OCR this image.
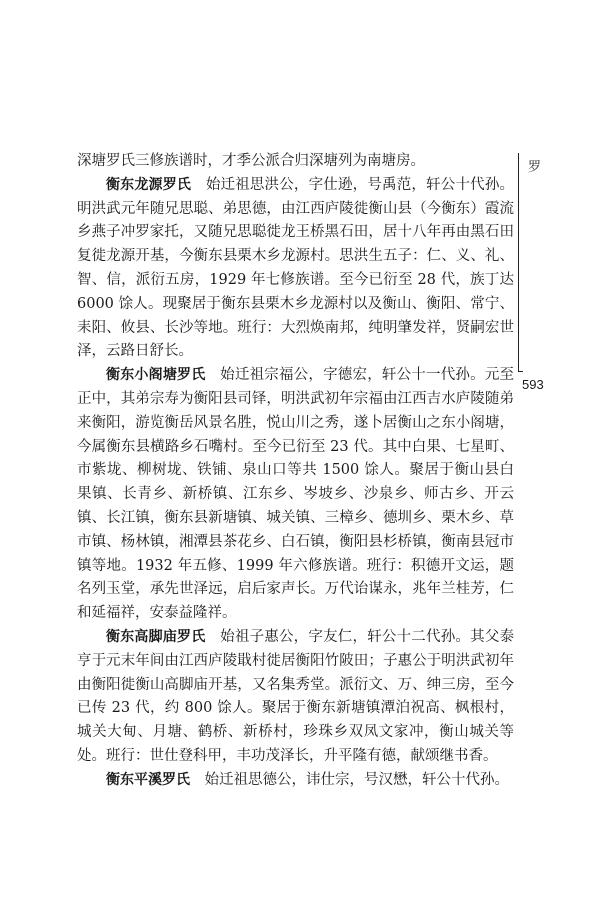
罗
593

深塘罗氏三修族谱时，才季公派合归深塘列为南塘房。

衡东龙源罗氏　 始迁祖思洪公，字仕逊，号禹范，轩公十代孙。明洪武元年随兄思聪、弟思德，由江西庐陵徙衡山县（今衡东）霞流乡燕子冲罗家托，又随兄思聪徙龙王桥黑石田，居十八年再由黑石田复徙龙源开基，今衡东县栗木乡龙源村。思洪生五子：仁、义、礼、智、信，派衍五房，1929 年七修族谱。至今已衍至 28 代，族丁达 6000 馀人。现聚居于衡东县栗木乡龙源村以及衡山、衡阳、常宁、耒阳、攸县、长沙等地。班行：大烈焕南邦，纯明肇发祥，贤嗣宏世泽，云路日舒长。

衡东小阁塘罗氏　 始迁祖宗福公，字德宏，轩公十一代孙。元至正中，其弟宗寿为衡阳县司铎，明洪武初年宗福由江西吉水庐陵随弟来衡阳，游览衡岳风景名胜，悦山川之秀，遂卜居衡山之东小阁塘，今属衡东县横路乡石嘴村。至今已衍至 23 代。其中白果、七星町、市紫垅、柳树垅、铁铺、泉山口等共 1500 馀人。聚居于衡山县白果镇、长青乡、新桥镇、江东乡、岑坡乡、沙泉乡、师古乡、开云镇、长江镇，衡东县新塘镇、城关镇、三樟乡、德圳乡、栗木乡、草市镇、杨林镇，湘潭县茶花乡、白石镇，衡阳县杉桥镇，衡南县冠市镇等地。1932 年五修、1999 年六修族谱。班行：积德开文运，题名列玉堂，承先世泽远，启后家声长。万代诒谋永，兆年兰桂芳，仁和延福祥，安泰益隆祥。

衡东高脚庙罗氏　 始祖子惠公，字友仁，轩公十二代孙。其父泰亨于元末年间由江西庐陵戢村徙居衡阳竹陂田；子惠公于明洪武初年由衡阳徙衡山高脚庙开基，又名集秀堂。派衍文、万、绅三房，至今已传 23 代，约 800 馀人。聚居于衡东新塘镇潭泊祝高、枫根村，城关大甸、月塘、鹤桥、新桥村，珍珠乡双凤文家冲，衡山城关等处。班行：世仕登科甲，丰功茂泽长，升平隆有德，献颂继书香。

衡东平溪罗氏　 始迁祖思德公，讳仕宗，号汉懋，轩公十代孙。
